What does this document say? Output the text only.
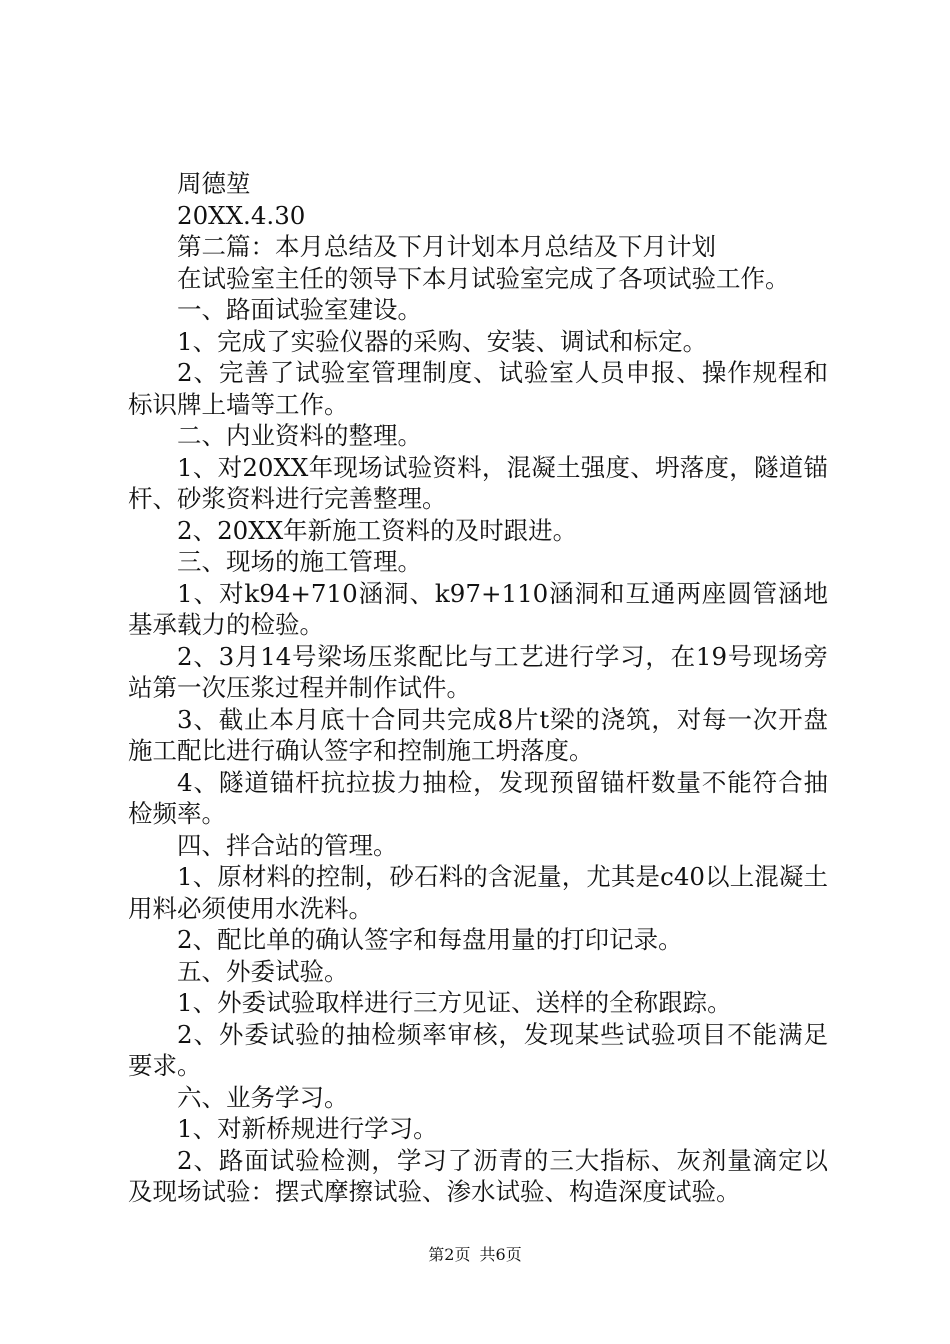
周德堃

20XX.4.30

第二篇：本月总结及下月计划本月总结及下月计划

在试验室主任的领导下本月试验室完成了各项试验工作。

一、路面试验室建设。

1、完成了实验仪器的采购、安装、调试和标定。

2、完善了试验室管理制度、试验室人员申报、操作规程和标识牌上墙等工作。

二、内业资料的整理。

1、对20XX年现场试验资料，混凝土强度、坍落度，隧道锚杆、砂浆资料进行完善整理。

2、20XX年新施工资料的及时跟进。

三、现场的施工管理。

1、对k94+710涵洞、k97+110涵洞和互通两座圆管涵地基承载力的检验。

2、3月14号梁场压浆配比与工艺进行学习，在19号现场旁站第一次压浆过程并制作试件。

3、截止本月底十合同共完成8片t梁的浇筑，对每一次开盘施工配比进行确认签字和控制施工坍落度。

4、隧道锚杆抗拉拔力抽检，发现预留锚杆数量不能符合抽检频率。

四、拌合站的管理。

1、原材料的控制，砂石料的含泥量，尤其是c40以上混凝土用料必须使用水洗料。

2、配比单的确认签字和每盘用量的打印记录。

五、外委试验。

1、外委试验取样进行三方见证、送样的全称跟踪。

2、外委试验的抽检频率审核，发现某些试验项目不能满足要求。

六、业务学习。

1、对新桥规进行学习。

2、路面试验检测，学习了沥青的三大指标、灰剂量滴定以及现场试验：摆式摩擦试验、渗水试验、构造深度试验。

第2页 共6页
